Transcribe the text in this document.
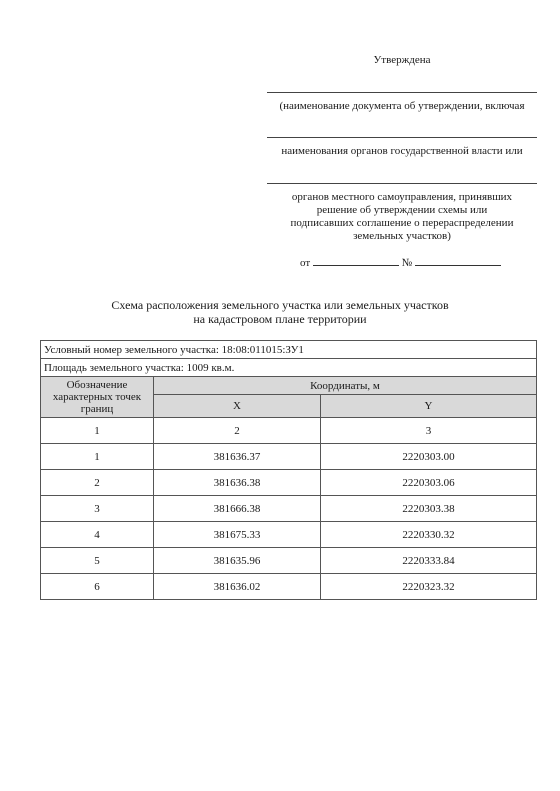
Утверждена
(наименование документа об утверждении, включая
наименования органов государственной власти или
органов местного самоуправления, принявших решение об утверждении схемы или подписавших соглашение о перераспределении земельных участков)
от	№
Схема расположения земельного участка или земельных участков
на кадастровом плане территории
Условный номер земельного участка: 18:08:011015:ЗУ1		
Площадь земельного участка: 1009 кв.м.		
Обозначение характерных точек границ	Координаты, м	
	X	Y
1	2	3
1	381636.37	2220303.00
2	381636.38	2220303.06
3	381666.38	2220303.38
4	381675.33	2220330.32
5	381635.96	2220333.84
6	381636.02	2220323.32
